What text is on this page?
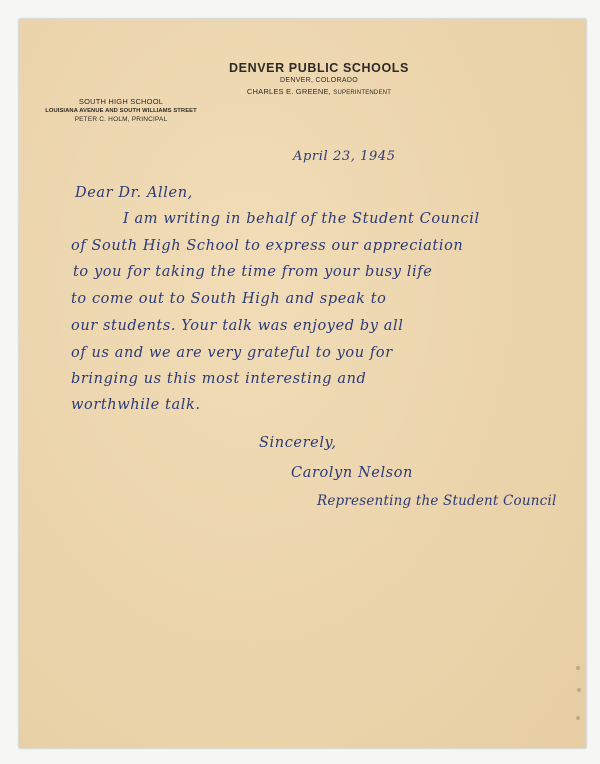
DENVER PUBLIC SCHOOLS
DENVER, COLORADO
CHARLES E. GREENE, SUPERINTENDENT
SOUTH HIGH SCHOOL
LOUISIANA AVENUE AND SOUTH WILLIAMS STREET
PETER C. HOLM, PRINCIPAL
April 23, 1945
Dear Dr. Allen,
I am writing in behalf of the Student Council
of South High School to express our appreciation
to you for taking the time from your busy life
to come out to South High and speak to
our students. Your talk was enjoyed by all
of us and we are very grateful to you for
bringing us this most interesting and
worthwhile talk.
Sincerely,
Carolyn Nelson
Representing the Student Council
